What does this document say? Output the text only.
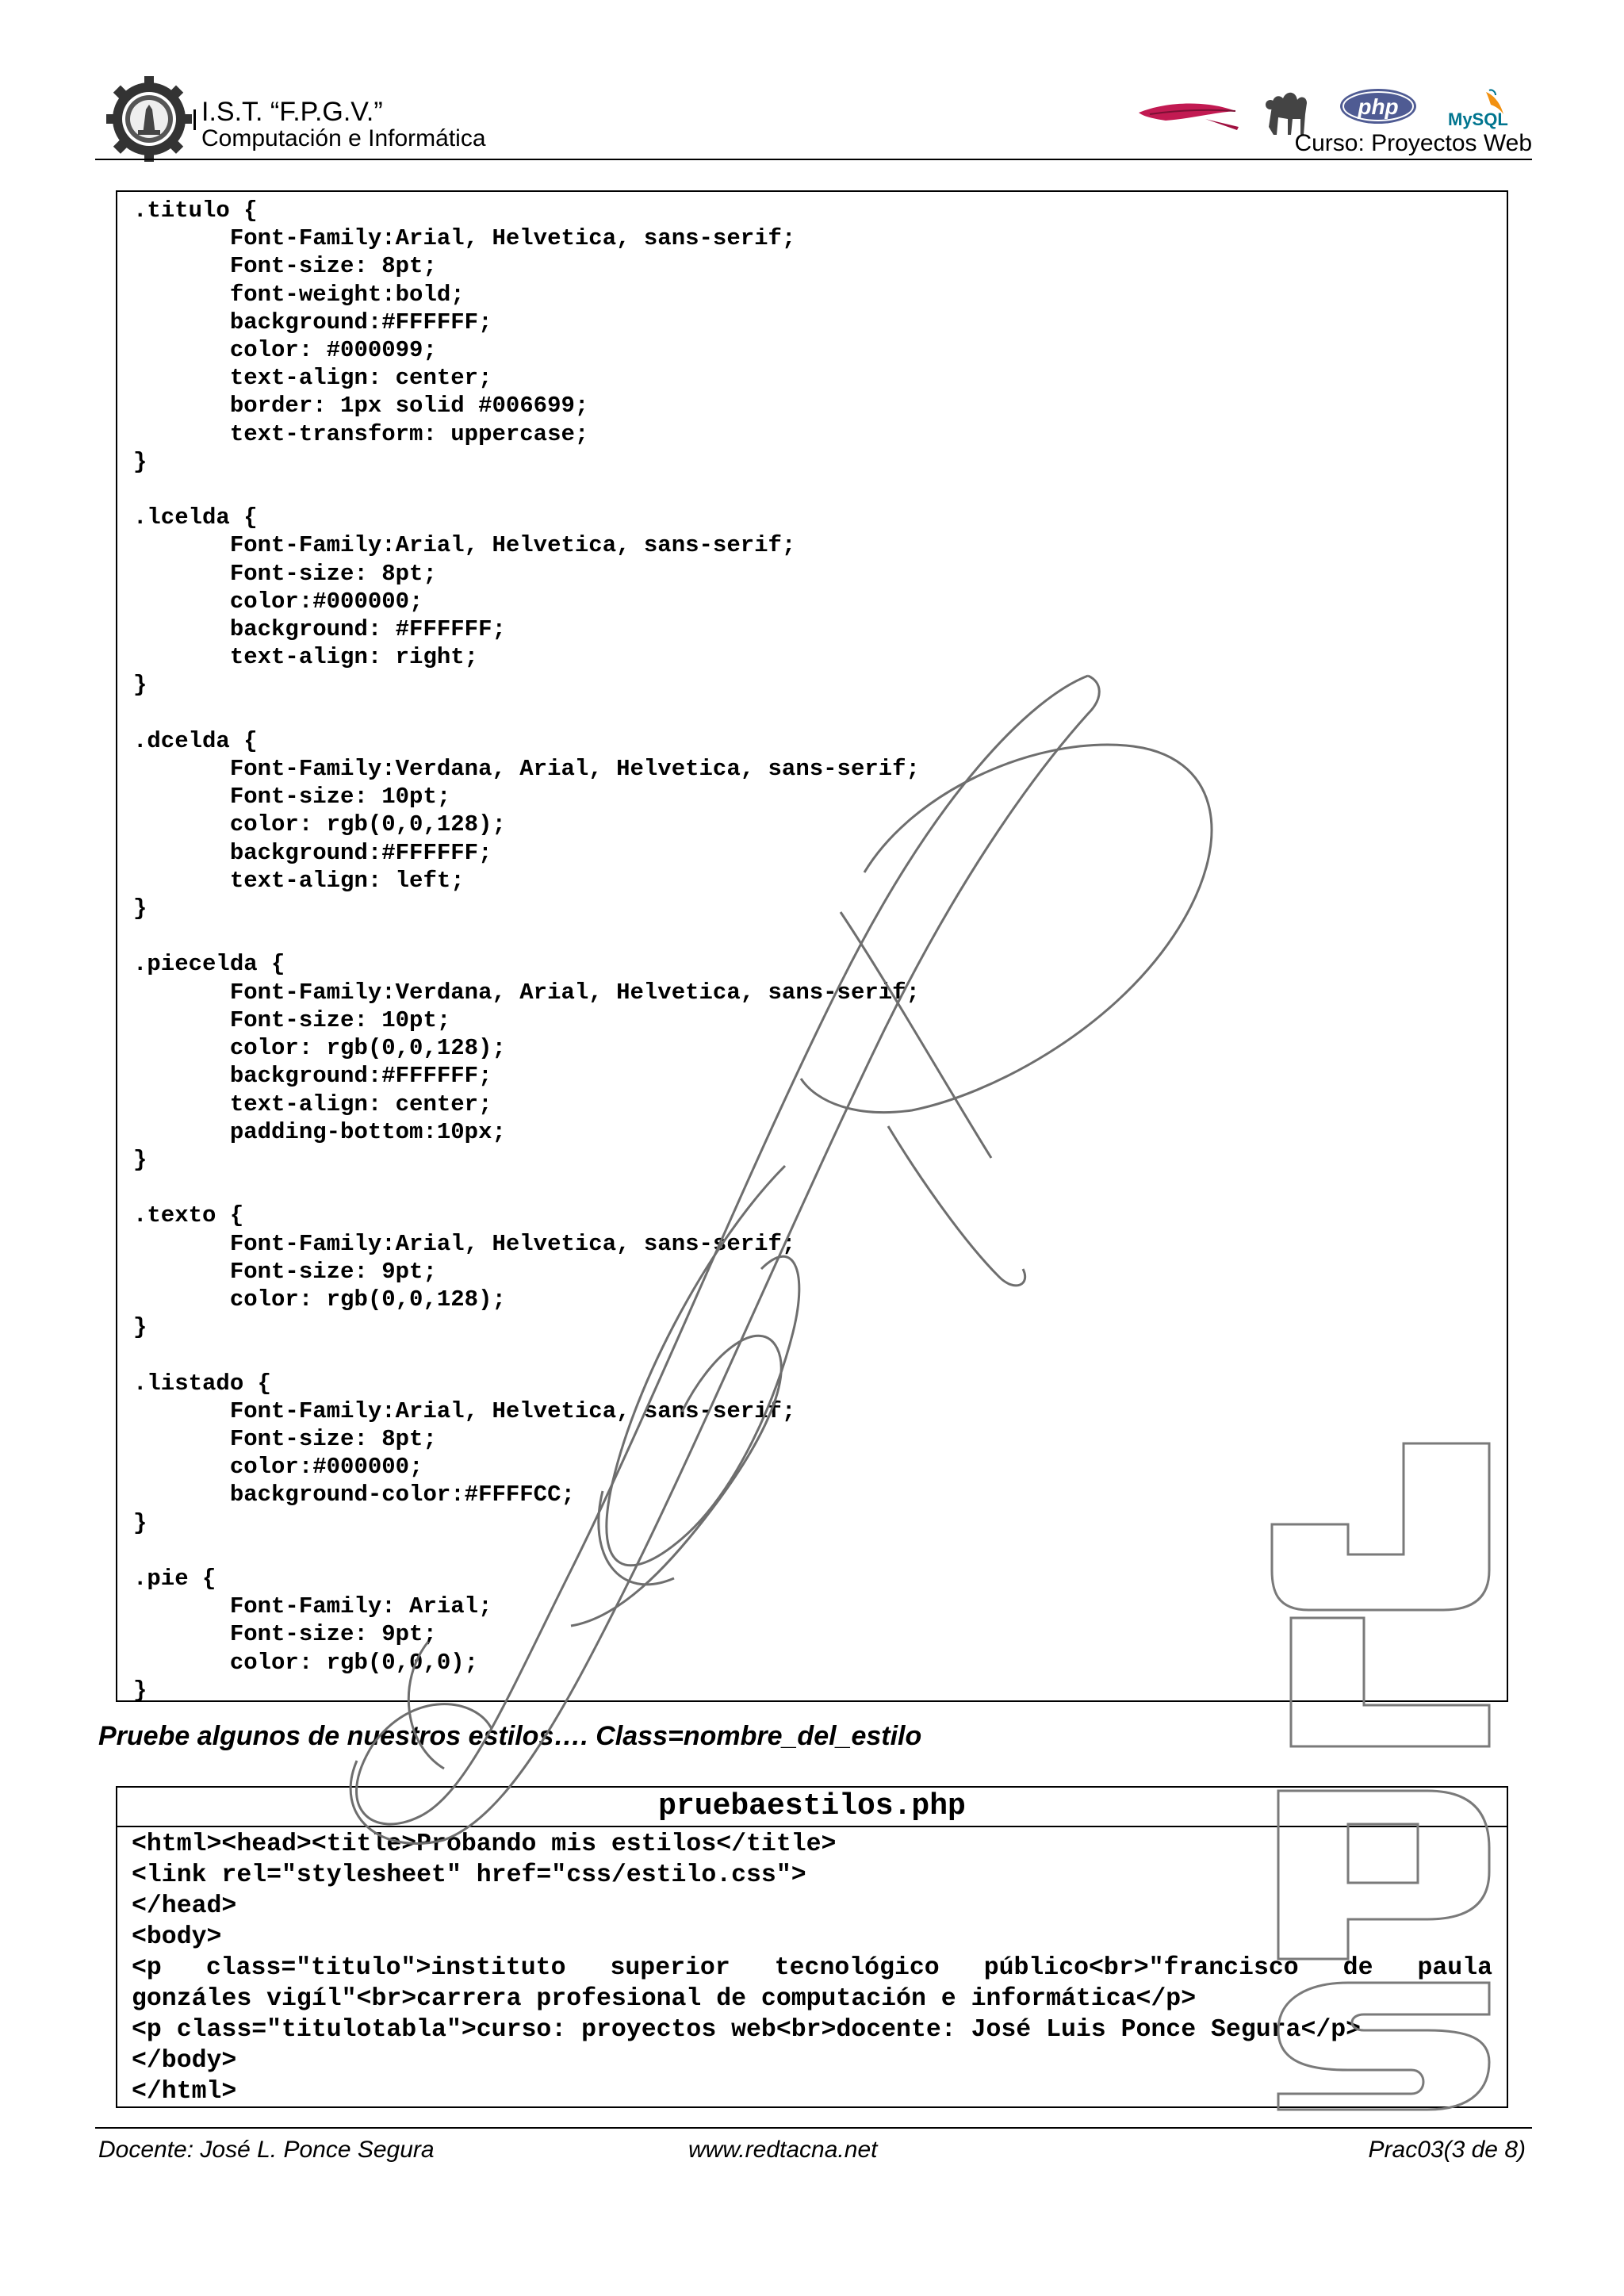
I.S.T. “F.P.G.V.”
Computación e Informática
php
MySQL
Curso: Proyectos Web
.titulo {
Font-Family:Arial, Helvetica, sans-serif;
Font-size: 8pt;
font-weight:bold;
background:#FFFFFF;
color: #000099;
text-align: center;
border: 1px solid #006699;
text-transform: uppercase;
}

.lcelda {
Font-Family:Arial, Helvetica, sans-serif;
Font-size: 8pt;
color:#000000;
background: #FFFFFF;
text-align: right;
}

.dcelda {
Font-Family:Verdana, Arial, Helvetica, sans-serif;
Font-size: 10pt;
color: rgb(0,0,128);
background:#FFFFFF;
text-align: left;
}

.piecelda {
Font-Family:Verdana, Arial, Helvetica, sans-serif;
Font-size: 10pt;
color: rgb(0,0,128);
background:#FFFFFF;
text-align: center;
padding-bottom:10px;
}

.texto {
Font-Family:Arial, Helvetica, sans-serif;
Font-size: 9pt;
color: rgb(0,0,128);
}

.listado {
Font-Family:Arial, Helvetica, sans-serif;
Font-size: 8pt;
color:#000000;
background-color:#FFFFCC;
}

.pie {
Font-Family: Arial;
Font-size: 9pt;
color: rgb(0,0,0);
}

Pruebe algunos de nuestros estilos…. Class=nombre_del_estilo
pruebaestilos.php
<html><head><title>Probando mis estilos</title>
<link rel="stylesheet" href="css/estilo.css">
</head>
<body>
<p class="titulo">instituto superior tecnológico público<br>"francisco de paula
gonzáles vigíl"<br>carrera profesional de computación e informática</p>
<p class="titulotabla">curso: proyectos web<br>docente: José Luis Ponce Segura</p>
</body>
</html>
Docente: José L. Ponce Segura	www.redtacna.net	Prac03(3 de 8)
